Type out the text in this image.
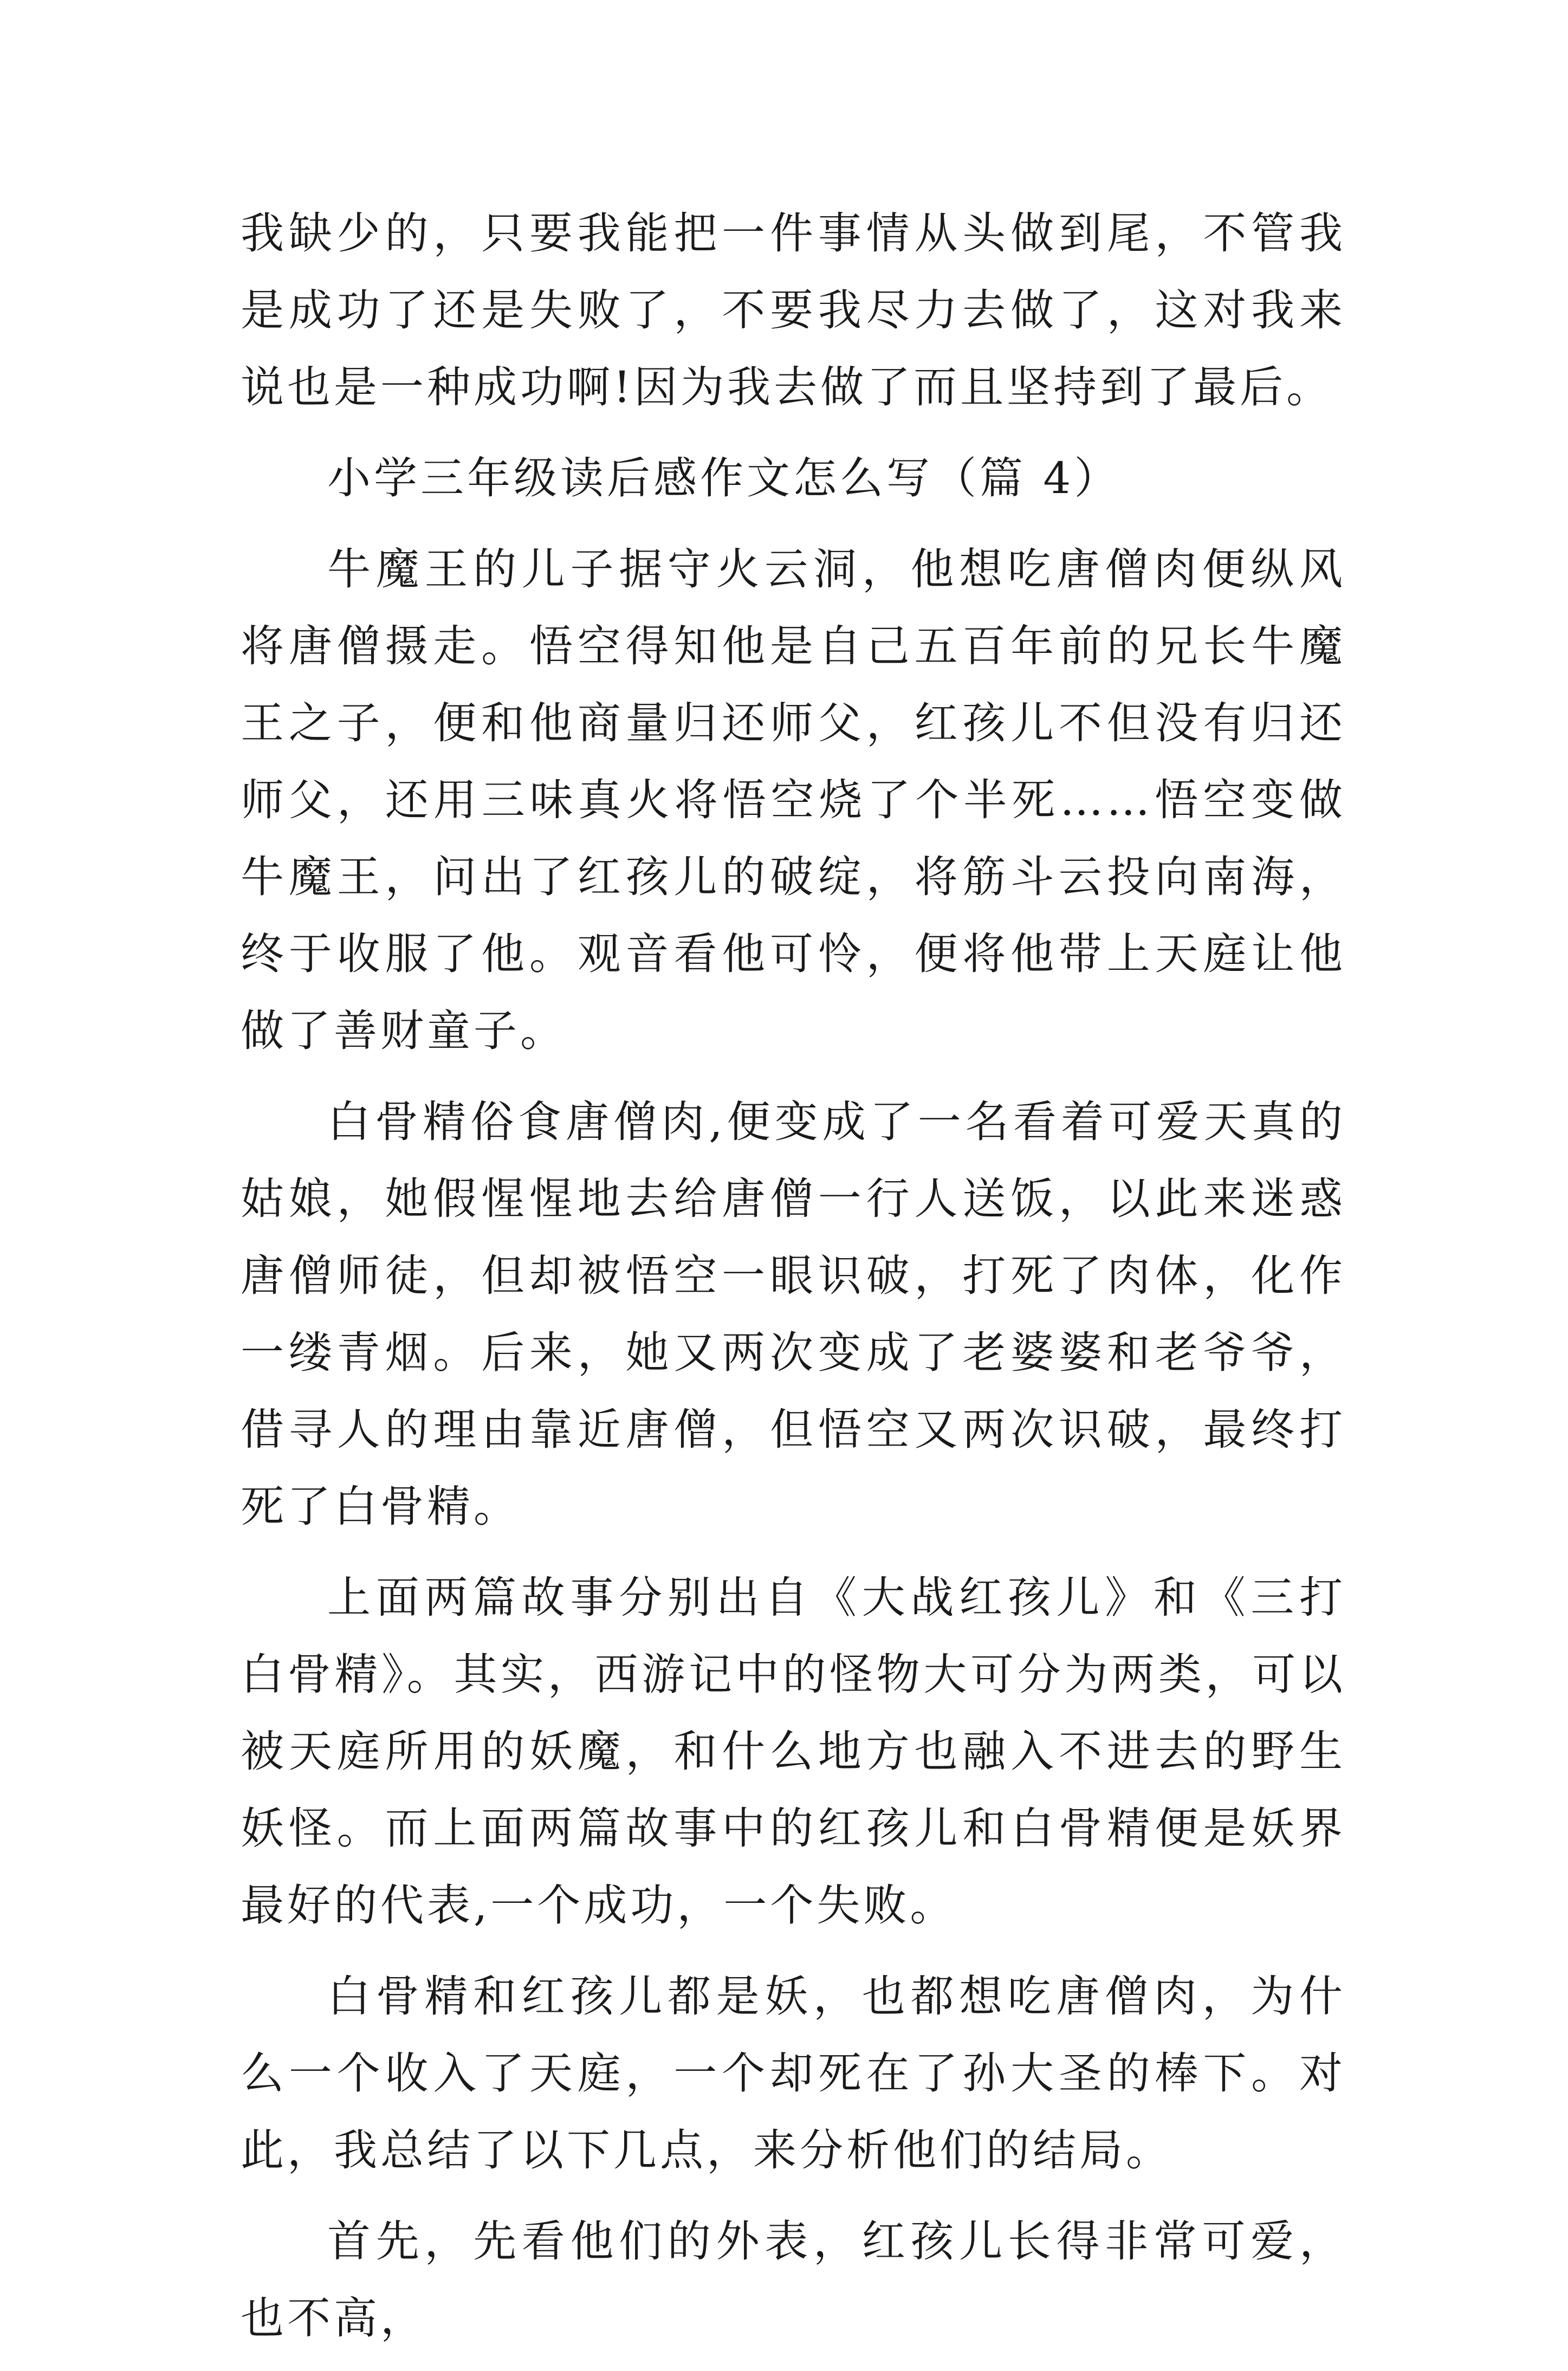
我缺少的，只要我能把一件事情从头做到尾，不管我是成功了还是失败了，不要我尽力去做了，这对我来说也是一种成功啊!因为我去做了而且坚持到了最后。

小学三年级读后感作文怎么写（篇 4）

牛魔王的儿子据守火云洞，他想吃唐僧肉便纵风将唐僧摄走。悟空得知他是自己五百年前的兄长牛魔王之子，便和他商量归还师父，红孩儿不但没有归还师父，还用三味真火将悟空烧了个半死……悟空变做牛魔王，问出了红孩儿的破绽，将筋斗云投向南海，终于收服了他。观音看他可怜，便将他带上天庭让他做了善财童子。

白骨精俗食唐僧肉,便变成了一名看着可爱天真的姑娘，她假惺惺地去给唐僧一行人送饭，以此来迷惑唐僧师徒，但却被悟空一眼识破，打死了肉体，化作一缕青烟。后来，她又两次变成了老婆婆和老爷爷，借寻人的理由靠近唐僧，但悟空又两次识破，最终打死了白骨精。

上面两篇故事分别出自《大战红孩儿》和《三打白骨精》。其实，西游记中的怪物大可分为两类，可以被天庭所用的妖魔，和什么地方也融入不进去的野生妖怪。而上面两篇故事中的红孩儿和白骨精便是妖界最好的代表,一个成功，一个失败。

白骨精和红孩儿都是妖，也都想吃唐僧肉，为什么一个收入了天庭，一个却死在了孙大圣的棒下。对此，我总结了以下几点，来分析他们的结局。

首先，先看他们的外表，红孩儿长得非常可爱，也不高，
